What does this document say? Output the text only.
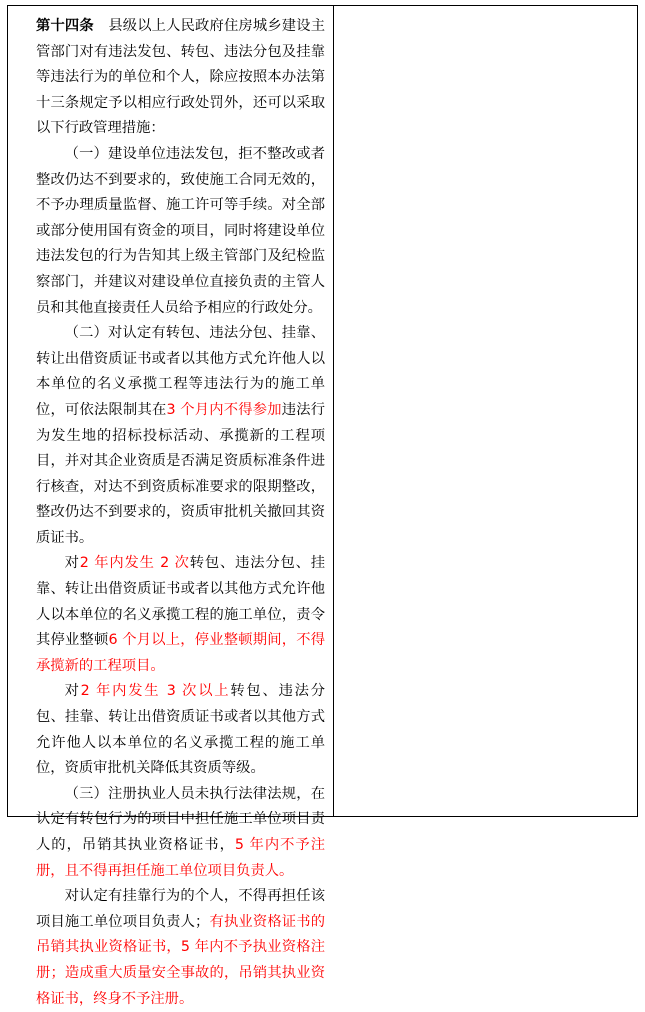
第十四条　 县级以上人民政府住房城乡建设主管部门对有违法发包、转包、违法分包及挂靠等违法行为的单位和个人，除应按照本办法第十三条规定予以相应行政处罚外，还可以采取以下行政管理措施：

（一）建设单位违法发包，拒不整改或者整改仍达不到要求的，致使施工合同无效的，不予办理质量监督、施工许可等手续。对全部或部分使用国有资金的项目，同时将建设单位违法发包的行为告知其上级主管部门及纪检监察部门，并建议对建设单位直接负责的主管人员和其他直接责任人员给予相应的行政处分。

（二）对认定有转包、违法分包、挂靠、转让出借资质证书或者以其他方式允许他人以本单位的名义承揽工程等违法行为的施工单位，可依法限制其在3 个月内不得参加违法行为发生地的招标投标活动、承揽新的工程项目，并对其企业资质是否满足资质标准条件进行核查，对达不到资质标准要求的限期整改，整改仍达不到要求的，资质审批机关撤回其资质证书。

对2 年内发生 2 次转包、违法分包、挂靠、转让出借资质证书或者以其他方式允许他人以本单位的名义承揽工程的施工单位，责令其停业整顿6 个月以上，停业整顿期间，不得承揽新的工程项目。

对2 年内发生 3 次以上转包、违法分包、挂靠、转让出借资质证书或者以其他方式允许他人以本单位的名义承揽工程的施工单位，资质审批机关降低其资质等级。

（三）注册执业人员未执行法律法规，在认定有转包行为的项目中担任施工单位项目责人的，吊销其执业资格证书，5 年内不予注册，且不得再担任施工单位项目负责人。

对认定有挂靠行为的个人，不得再担任该项目施工单位项目负责人；有执业资格证书的吊销其执业资格证书，5 年内不予执业资格注册；造成重大质量安全事故的，吊销其执业资格证书，终身不予注册。
